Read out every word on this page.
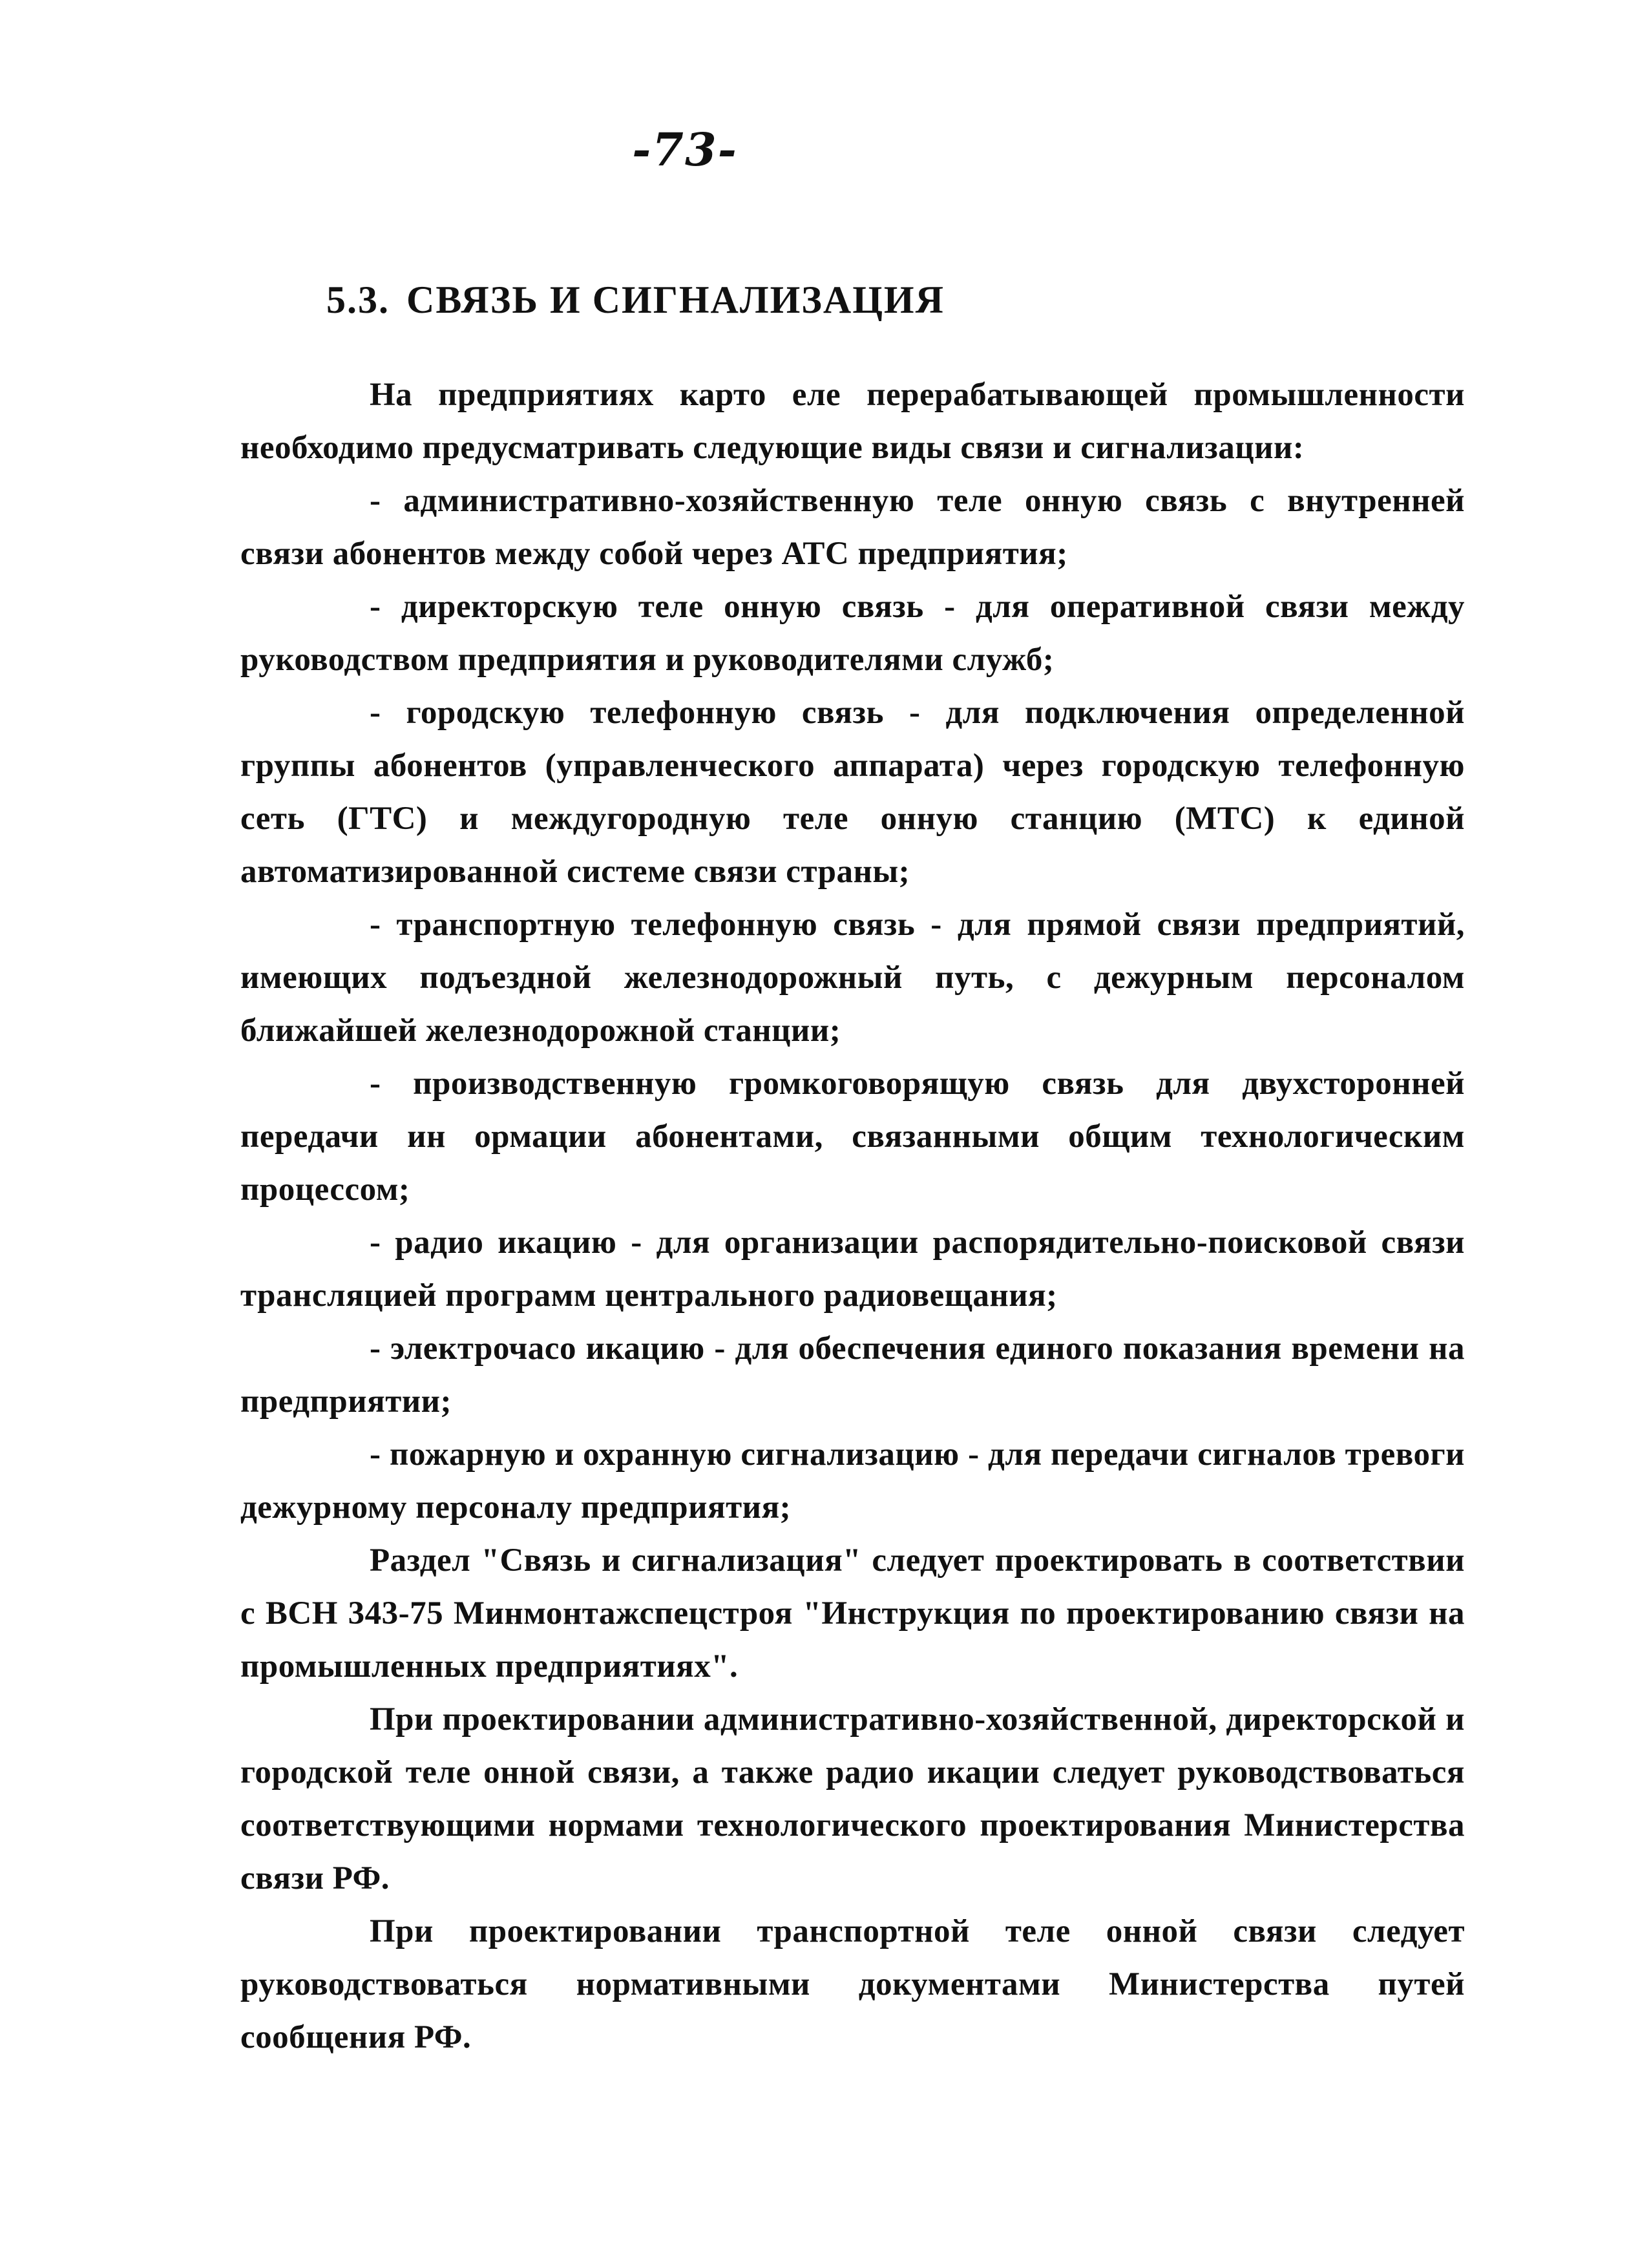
-73-
5.3. СВЯЗЬ И СИГНАЛИЗАЦИЯ

На предприятиях карто еле перерабатывающей промышленности необходимо предусматривать следующие виды связи и сигнализации:

- административно-хозяйственную теле онную связь с внутренней связи абонентов между собой через АТС предприятия;

- директорскую теле онную связь - для оперативной связи между руководством предприятия и руководителями служб;

- городскую телефонную связь - для подключения определенной группы абонентов (управленческого аппарата) через городскую телефонную сеть (ГТС) и междугородную теле онную станцию (МТС) к единой автоматизированной системе связи страны;

- транспортную телефонную связь - для прямой связи предприятий, имеющих подъездной железнодорожный путь, с дежурным персоналом ближайшей железнодорожной станции;

- производственную громкоговорящую связь для двухсторонней передачи ин ормации абонентами, связанными общим технологическим процессом;

- радио икацию - для организации распорядительно-поисковой связи трансляцией программ центрального радиовещания;

- электрочасо икацию - для обеспечения единого показания времени на предприятии;

- пожарную и охранную сигнализацию - для передачи сигналов тревоги дежурному персоналу предприятия;

Раздел "Связь и сигнализация" следует проектировать в соответствии с ВСН 343-75 Минмонтажспецстроя "Инструкция по проектированию связи на промышленных предприятиях".

При проектировании административно-хозяйственной, директорской и городской теле онной связи, а также радио икации следует руководствоваться соответствующими нормами технологического проектирования Министерства связи РФ.

При проектировании транспортной теле онной связи следует руководствоваться нормативными документами Министерства путей сообщения РФ.
